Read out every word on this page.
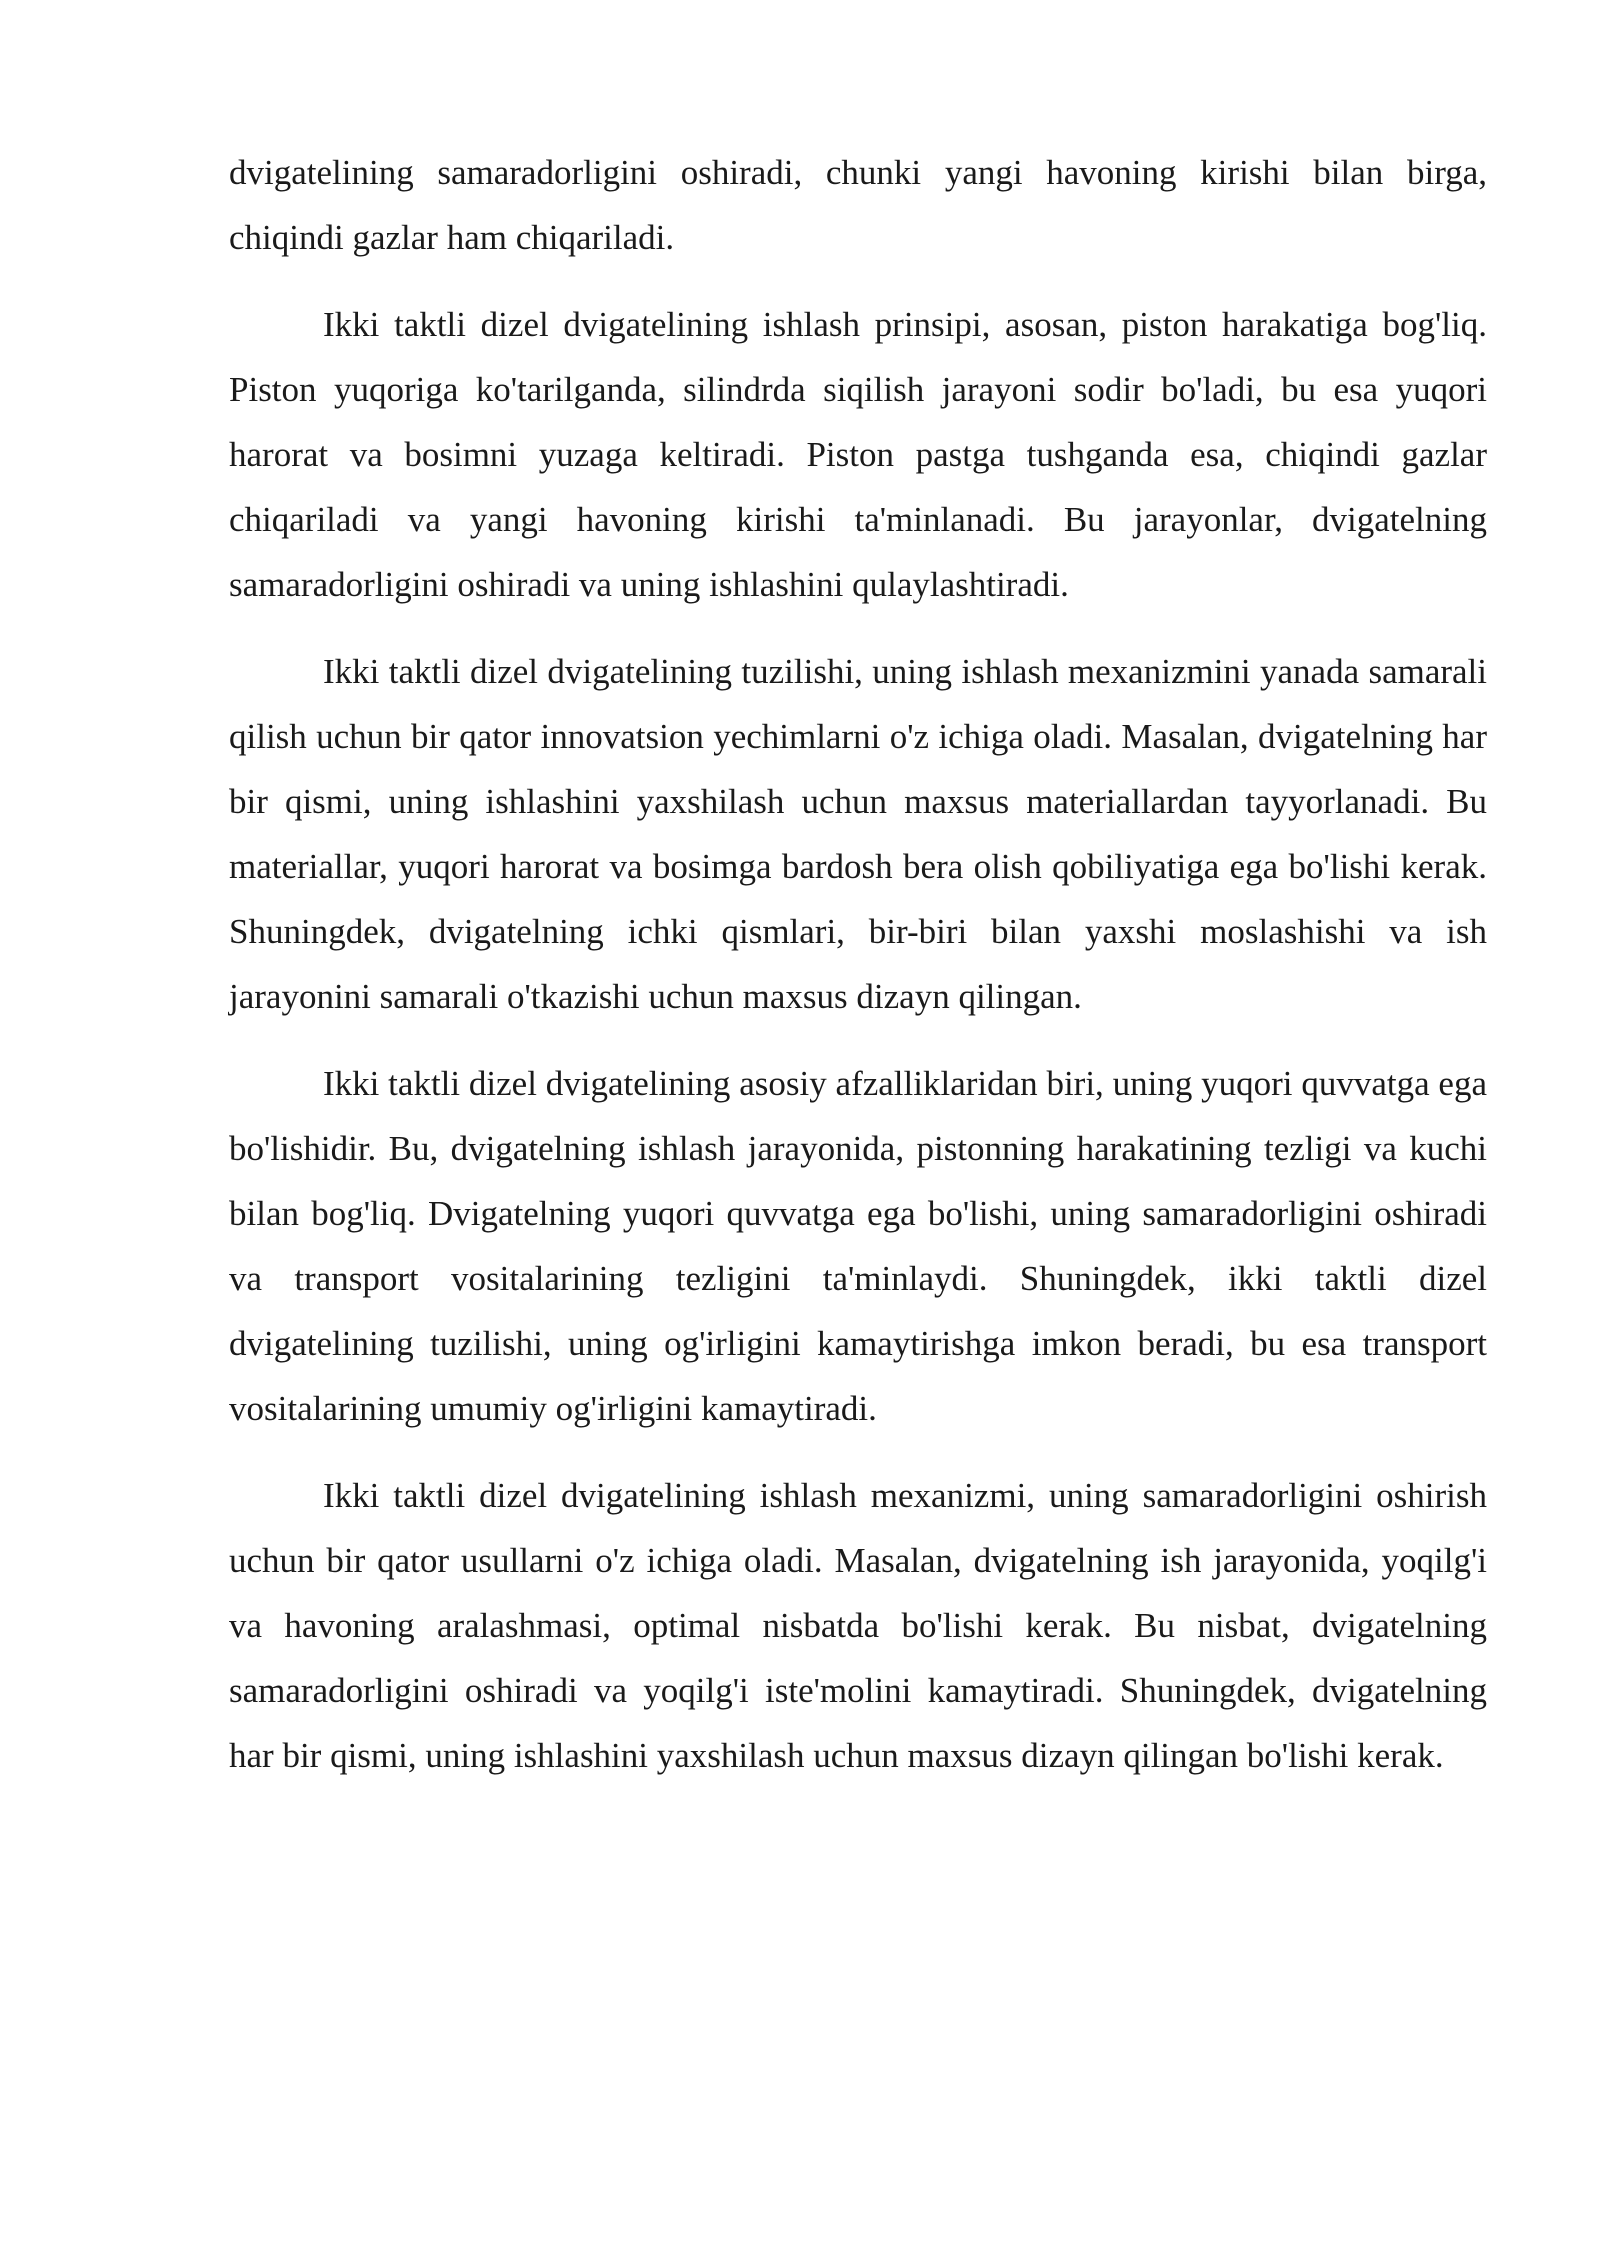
dvigatelining samaradorligini oshiradi, chunki yangi havoning kirishi bilan birga, chiqindi gazlar ham chiqariladi.

Ikki taktli dizel dvigatelining ishlash prinsipi, asosan, piston harakatiga bog'liq. Piston yuqoriga ko'tarilganda, silindrda siqilish jarayoni sodir bo'ladi, bu esa yuqori harorat va bosimni yuzaga keltiradi. Piston pastga tushganda esa, chiqindi gazlar chiqariladi va yangi havoning kirishi ta'minlanadi. Bu jarayonlar, dvigatelning samaradorligini oshiradi va uning ishlashini qulaylashtiradi.

Ikki taktli dizel dvigatelining tuzilishi, uning ishlash mexanizmini yanada samarali qilish uchun bir qator innovatsion yechimlarni o'z ichiga oladi. Masalan, dvigatelning har bir qismi, uning ishlashini yaxshilash uchun maxsus materiallardan tayyorlanadi. Bu materiallar, yuqori harorat va bosimga bardosh bera olish qobiliyatiga ega bo'lishi kerak. Shuningdek, dvigatelning ichki qismlari, bir-biri bilan yaxshi moslashishi va ish jarayonini samarali o'tkazishi uchun maxsus dizayn qilingan.

Ikki taktli dizel dvigatelining asosiy afzalliklaridan biri, uning yuqori quvvatga ega bo'lishidir. Bu, dvigatelning ishlash jarayonida, pistonning harakatining tezligi va kuchi bilan bog'liq. Dvigatelning yuqori quvvatga ega bo'lishi, uning samaradorligini oshiradi va transport vositalarining tezligini ta'minlaydi. Shuningdek, ikki taktli dizel dvigatelining tuzilishi, uning og'irligini kamaytirishga imkon beradi, bu esa transport vositalarining umumiy og'irligini kamaytiradi.

Ikki taktli dizel dvigatelining ishlash mexanizmi, uning samaradorligini oshirish uchun bir qator usullarni o'z ichiga oladi. Masalan, dvigatelning ish jarayonida, yoqilg'i va havoning aralashmasi, optimal nisbatda bo'lishi kerak. Bu nisbat, dvigatelning samaradorligini oshiradi va yoqilg'i iste'molini kamaytiradi. Shuningdek, dvigatelning har bir qismi, uning ishlashini yaxshilash uchun maxsus dizayn qilingan bo'lishi kerak.
